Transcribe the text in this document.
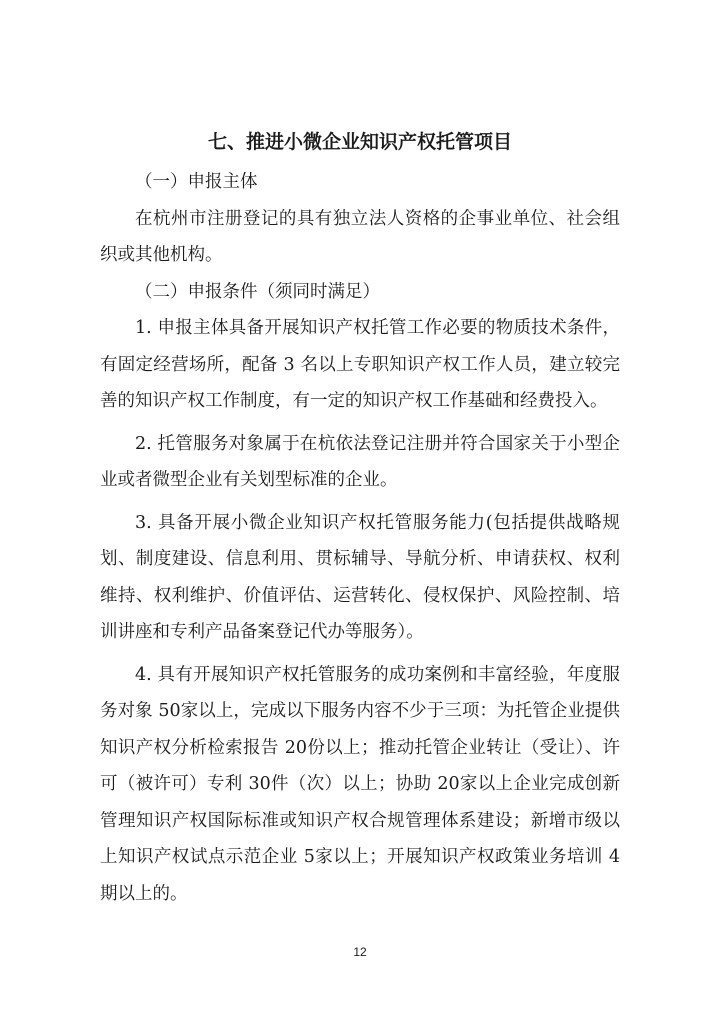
七、推进小微企业知识产权托管项目

（一）申报主体

在杭州市注册登记的具有独立法人资格的企事业单位、社会组织或其他机构。

（二）申报条件（须同时满足）

1. 申报主体具备开展知识产权托管工作必要的物质技术条件，有固定经营场所，配备 3 名以上专职知识产权工作人员，建立较完善的知识产权工作制度，有一定的知识产权工作基础和经费投入。

2. 托管服务对象属于在杭依法登记注册并符合国家关于小型企业或者微型企业有关划型标准的企业。

3. 具备开展小微企业知识产权托管服务能力(包括提供战略规划、制度建设、信息利用、贯标辅导、导航分析、申请获权、权利维持、权利维护、价值评估、运营转化、侵权保护、风险控制、培训讲座和专利产品备案登记代办等服务）。

4. 具有开展知识产权托管服务的成功案例和丰富经验，年度服务对象 50家以上，完成以下服务内容不少于三项：为托管企业提供知识产权分析检索报告 20份以上；推动托管企业转让（受让）、许可（被许可）专利 30件（次）以上；协助 20家以上企业完成创新管理知识产权国际标准或知识产权合规管理体系建设；新增市级以上知识产权试点示范企业 5家以上；开展知识产权政策业务培训 4期以上的。

12
